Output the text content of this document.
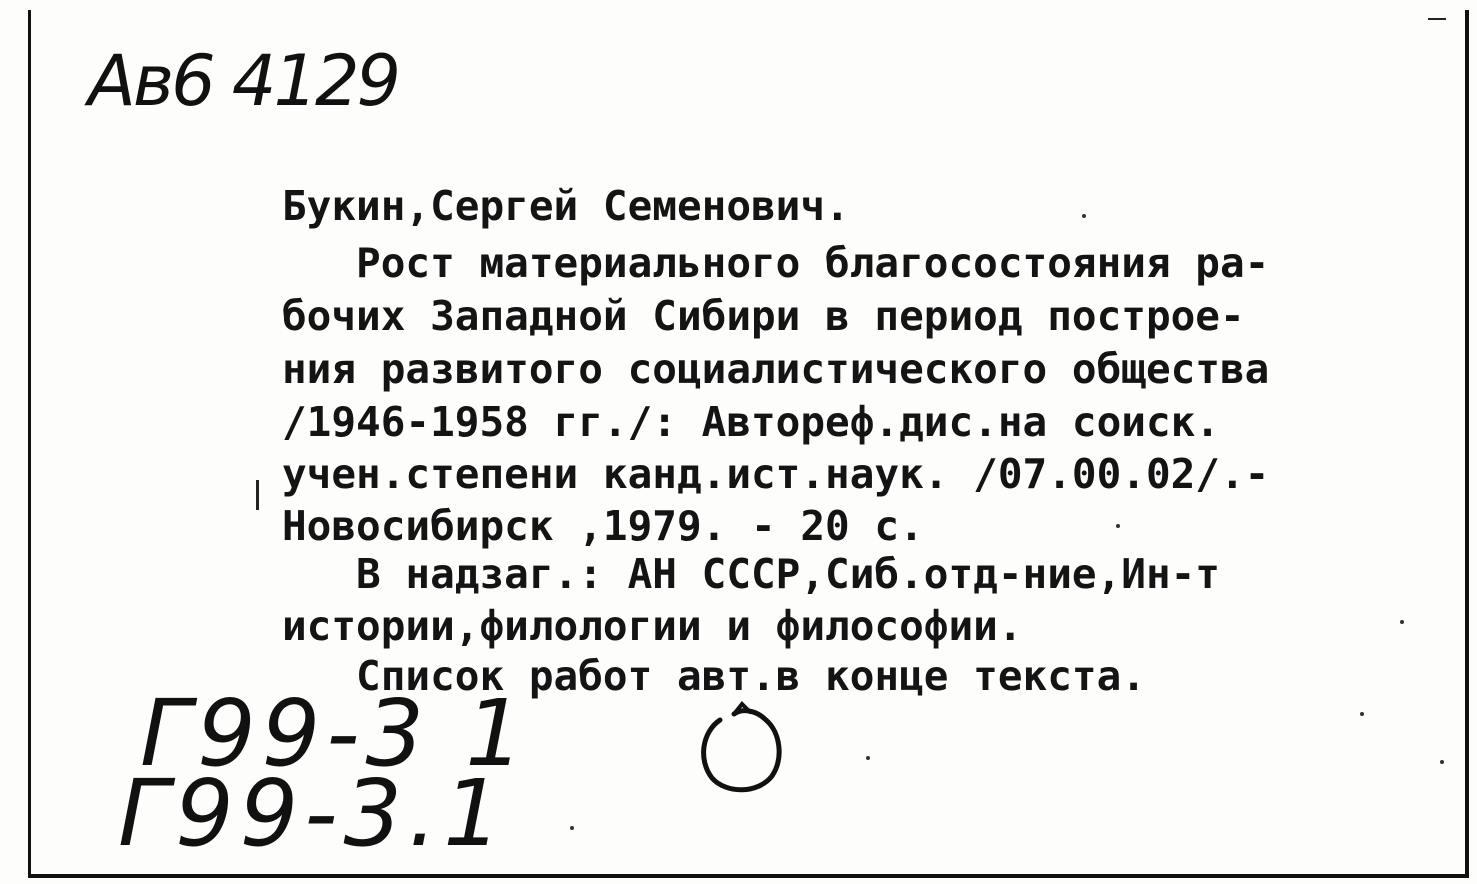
Ав6 4129
Букин,Сергей Семенович.
Рост материального благосостояния ра-
бочих Западной Сибири в период построе-
ния развитого социалистического общества
/1946-1958 гг./: Автореф.дис.на соиск.
учен.степени канд.ист.наук. /07.00.02/.-
Новосибирск ,1979. - 20 с.
В надзаг.: АН СССР,Сиб.отд-ние,Ин-т
истории,филологии и философии.
Список работ авт.в конце текста.
Г99-3 1
Г99-3.1
